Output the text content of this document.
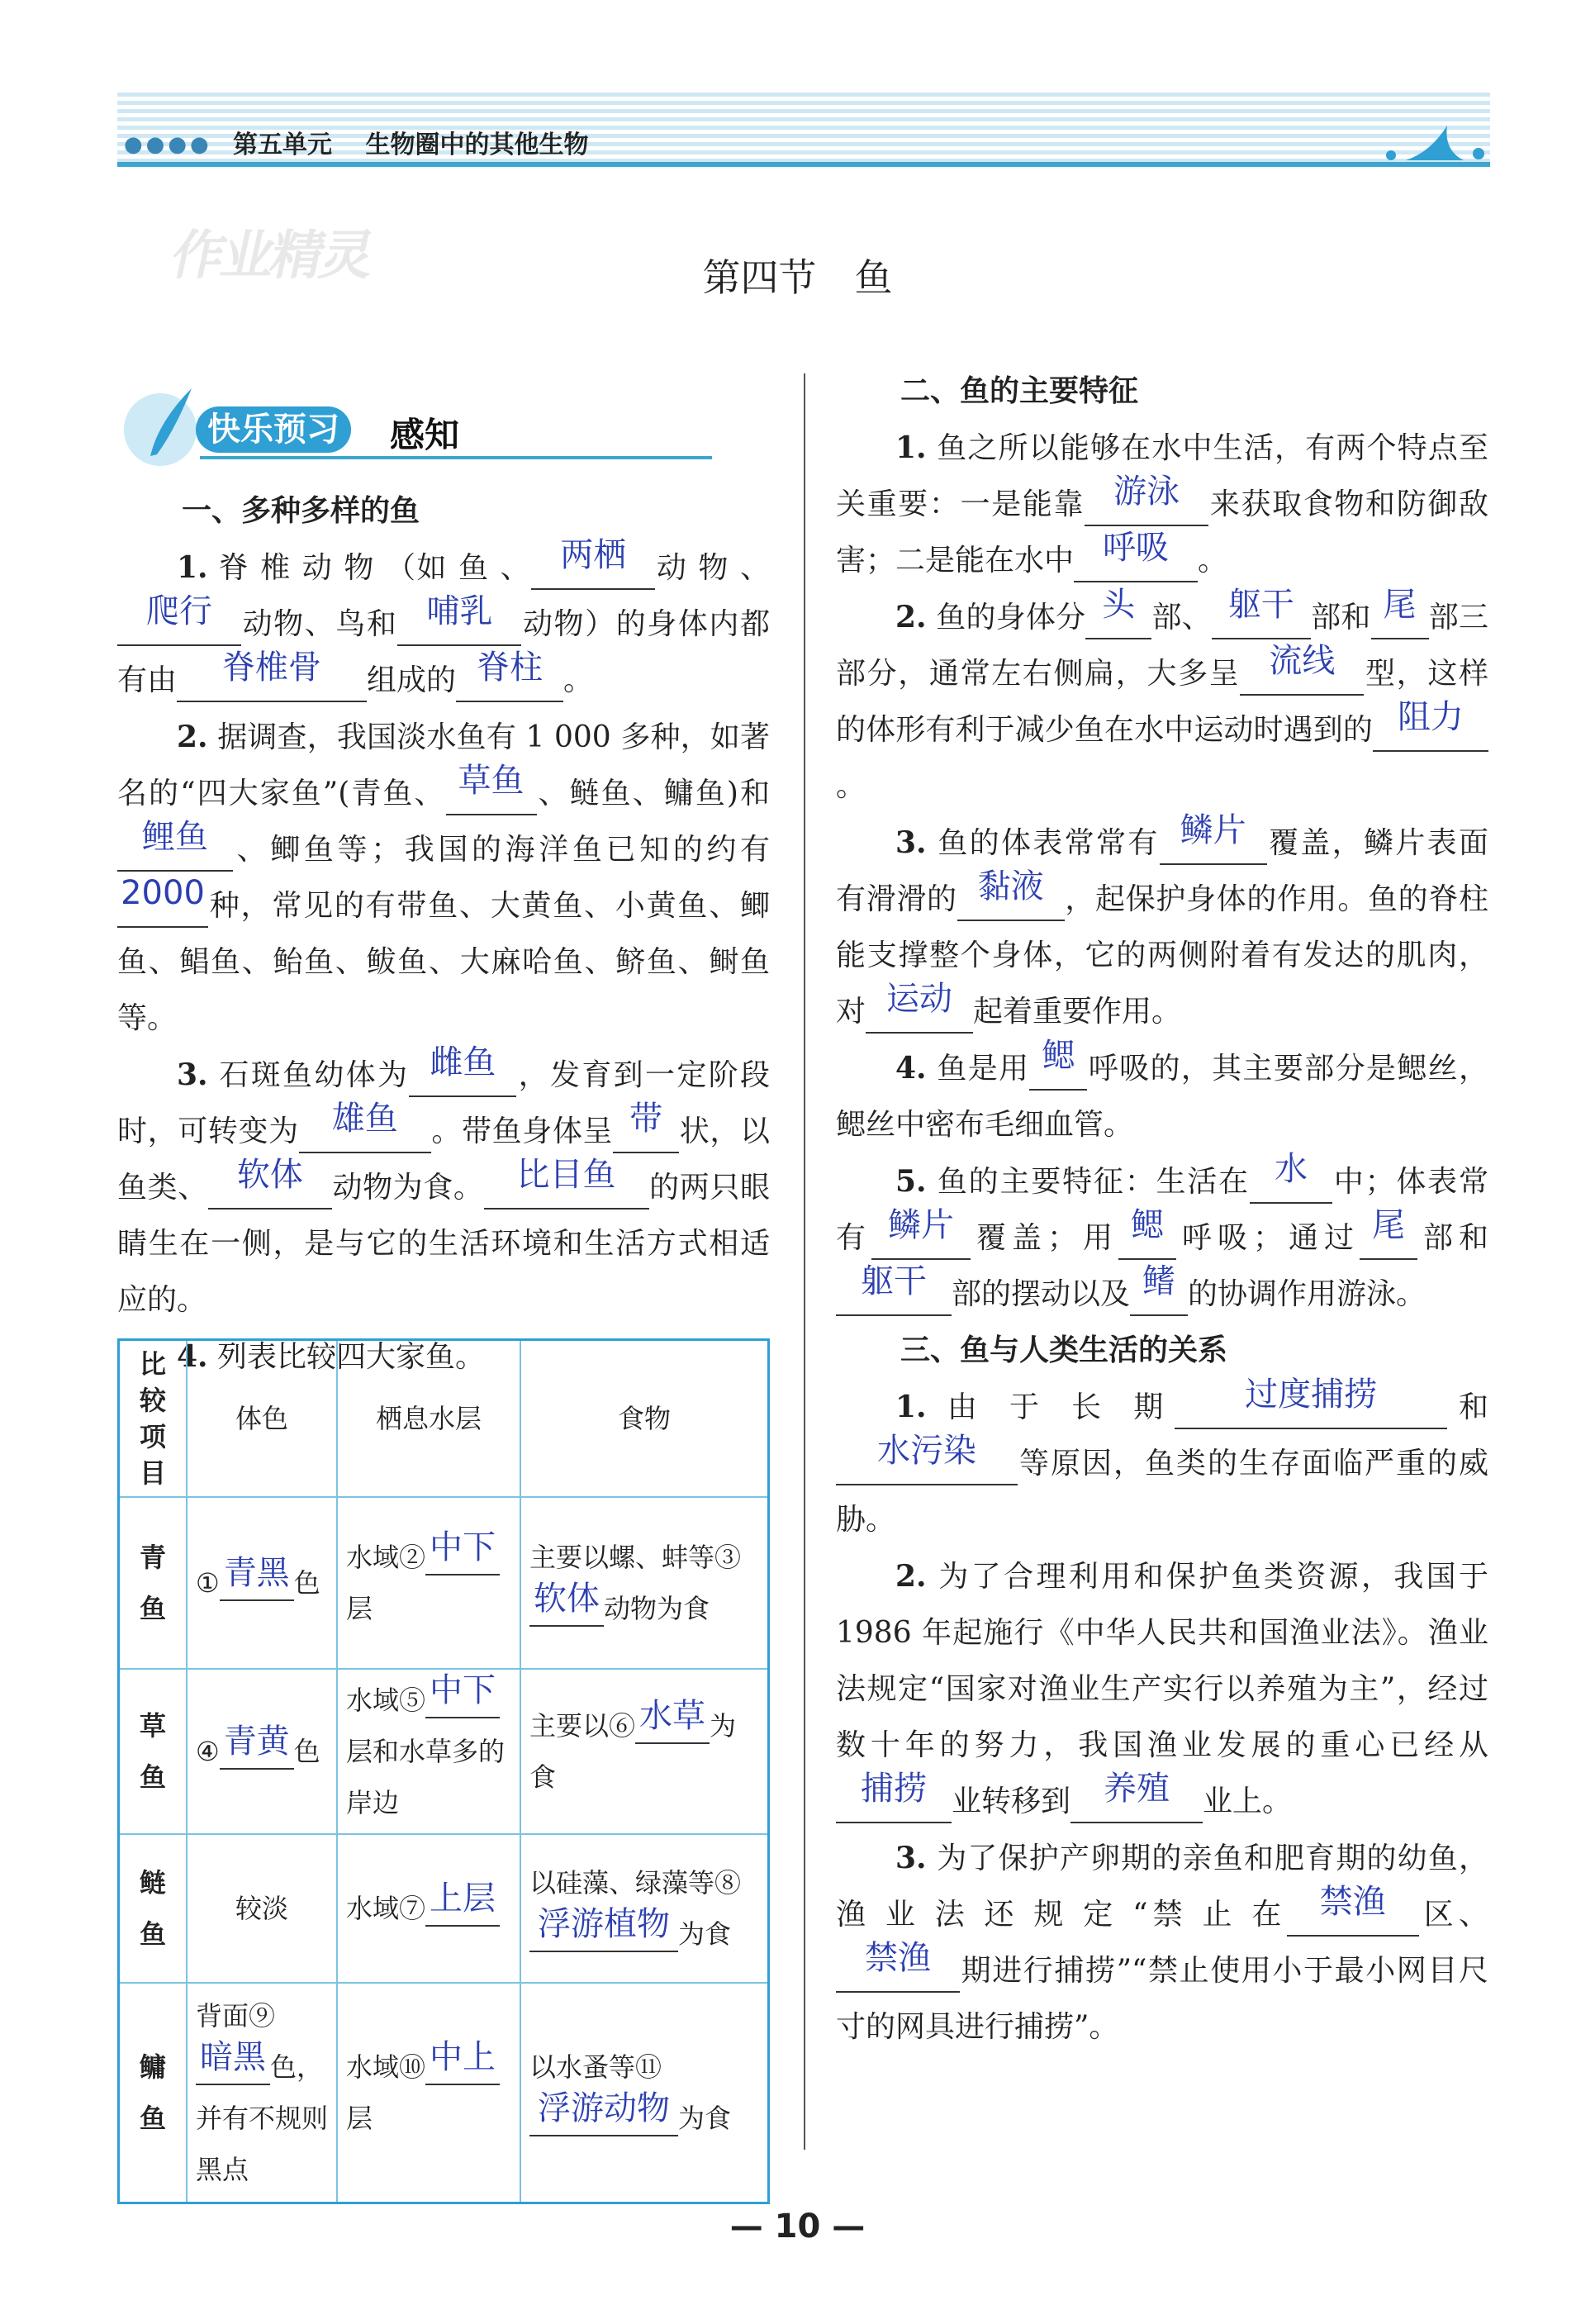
●●●● 第五单元　 生物圈中的其他生物
作业精灵	第四节　鱼
快乐预习	感知

一、多种多样的鱼

1. 脊 椎 动 物 （如 鱼 、 两栖 动 物 、爬行 动物、鸟和 哺乳 动物）的身体内都有由 脊椎骨 组成的 脊柱 。

2. 据调查，我国淡水鱼有 1 000 多种，如著名的“四大家鱼”(青鱼、 草鱼 、鲢鱼、鳙鱼)和鲤鱼 、鲫鱼等；我国的海洋鱼已知的约有2000 种，常见的有带鱼、大黄鱼、小黄鱼、鲫鱼、鲳鱼、鲐鱼、鲅鱼、大麻哈鱼、鲚鱼、鲥鱼等。

3. 石斑鱼幼体为 雌鱼 ，发育到一定阶段时，可转变为 雄鱼 。带鱼身体呈 带 状，以鱼类、 软体 动物为食。 比目鱼 的两只眼睛生在一侧，是与它的生活环境和生活方式相适应的。

4. 列表比较四大家鱼。

比较项目	体色	栖息水层	食物
青鱼	① 青黑 色	水域② 中下层	主要以螺、蚌等③软体 动物为食
草鱼	④ 青黄 色	水域⑤ 中下层和水草多的岸边	主要以⑥ 水草 为食
鲢鱼	较淡	水域⑦ 上层	以硅藻、绿藻等⑧浮游植物 为食
鳙鱼	背面⑨暗黑 色，并有不规则黑点	水域⑩ 中上层	以水蚤等⑪浮游动物 为食

二、鱼的主要特征

1. 鱼之所以能够在水中生活，有两个特点至关重要：一是能靠 游泳 来获取食物和防御敌害；二是能在水中 呼吸 。

2. 鱼的身体分 头 部、 躯干 部和 尾 部三部分，通常左右侧扁，大多呈 流线 型，这样的体形有利于减少鱼在水中运动时遇到的 阻力。

3. 鱼的体表常常有 鳞片 覆盖，鳞片表面有滑滑的 黏液 ，起保护身体的作用。鱼的脊柱能支撑整个身体，它的两侧附着有发达的肌肉，对 运动 起着重要作用。

4. 鱼是用 鳃 呼吸的，其主要部分是鳃丝，鳃丝中密布毛细血管。

5. 鱼的主要特征：生活在 水 中；体表常有 鳞片 覆盖；用 鳃 呼吸；通过 尾 部和躯干 部的摆动以及 鳍 的协调作用游泳。

三、鱼与人类生活的关系

1. 由 于 长 期 过度捕捞 和水污染 等原因，鱼类的生存面临严重的威胁。

2. 为了合理利用和保护鱼类资源，我国于 1986 年起施行《中华人民共和国渔业法》。渔业法规定“国家对渔业生产实行以养殖为主”，经过数十年的努力，我国渔业发展的重心已经从捕捞 业转移到 养殖 业上。

3. 为了保护产卵期的亲鱼和肥育期的幼鱼，渔 业 法 还 规 定 “禁 止 在 禁渔 区、禁渔 期进行捕捞”“禁止使用小于最小网目尺寸的网具进行捕捞”。

— 10 —
